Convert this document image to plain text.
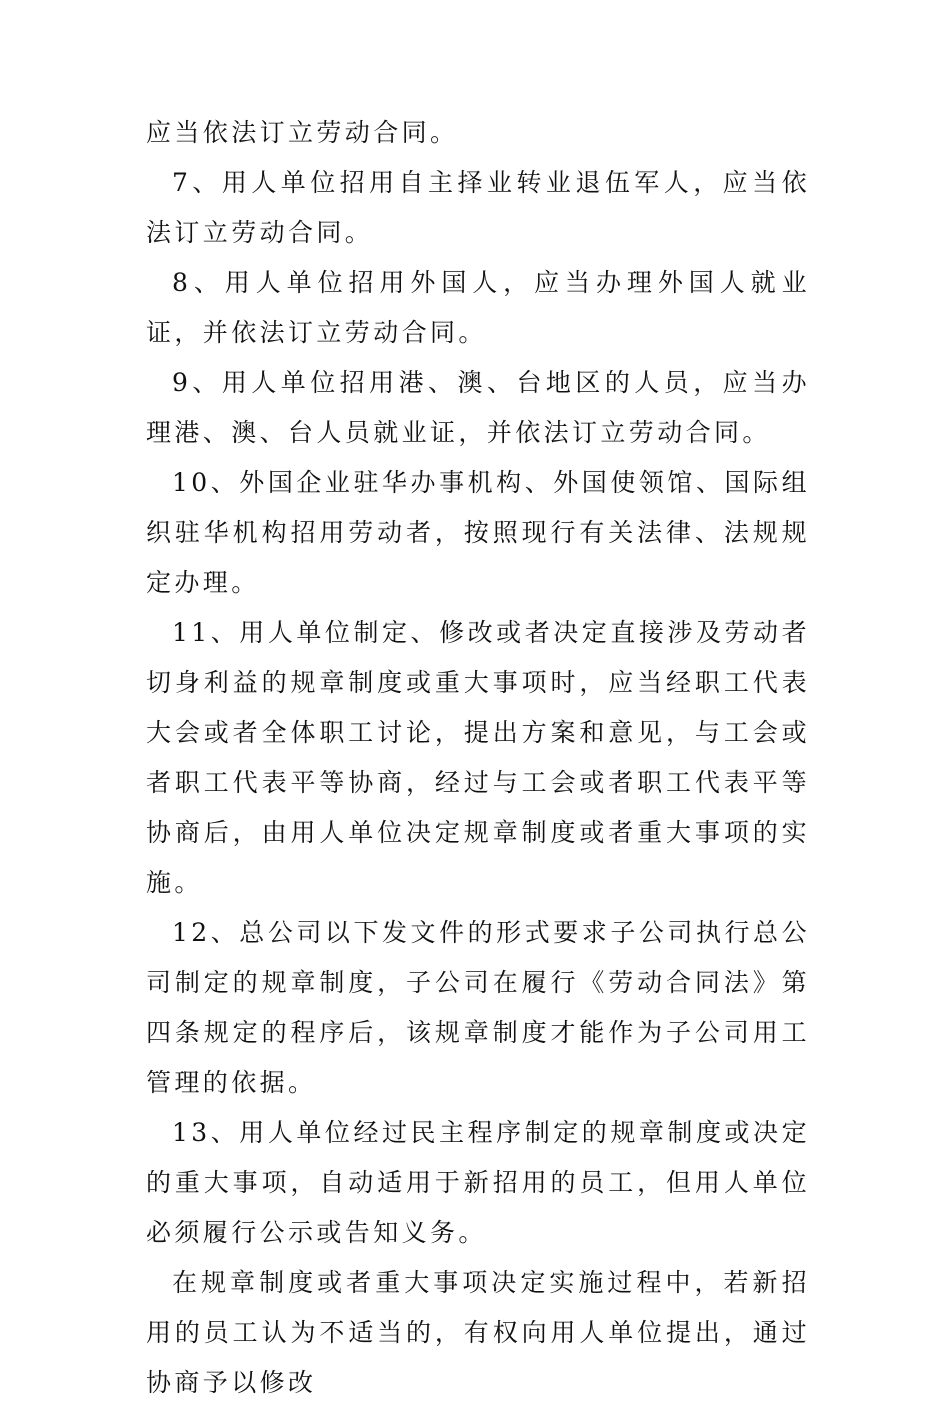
应当依法订立劳动合同。

7、用人单位招用自主择业转业退伍军人，应当依法订立劳动合同。

8、用人单位招用外国人，应当办理外国人就业证，并依法订立劳动合同。

9、用人单位招用港、澳、台地区的人员，应当办理港、澳、台人员就业证，并依法订立劳动合同。

10、外国企业驻华办事机构、外国使领馆、国际组织驻华机构招用劳动者，按照现行有关法律、法规规定办理。

11、用人单位制定、修改或者决定直接涉及劳动者切身利益的规章制度或重大事项时，应当经职工代表大会或者全体职工讨论，提出方案和意见，与工会或者职工代表平等协商，经过与工会或者职工代表平等协商后，由用人单位决定规章制度或者重大事项的实施。

12、总公司以下发文件的形式要求子公司执行总公司制定的规章制度，子公司在履行《劳动合同法》第四条规定的程序后，该规章制度才能作为子公司用工管理的依据。

13、用人单位经过民主程序制定的规章制度或决定的重大事项，自动适用于新招用的员工，但用人单位必须履行公示或告知义务。

在规章制度或者重大事项决定实施过程中，若新招用的员工认为不适当的，有权向用人单位提出，通过协商予以修改
